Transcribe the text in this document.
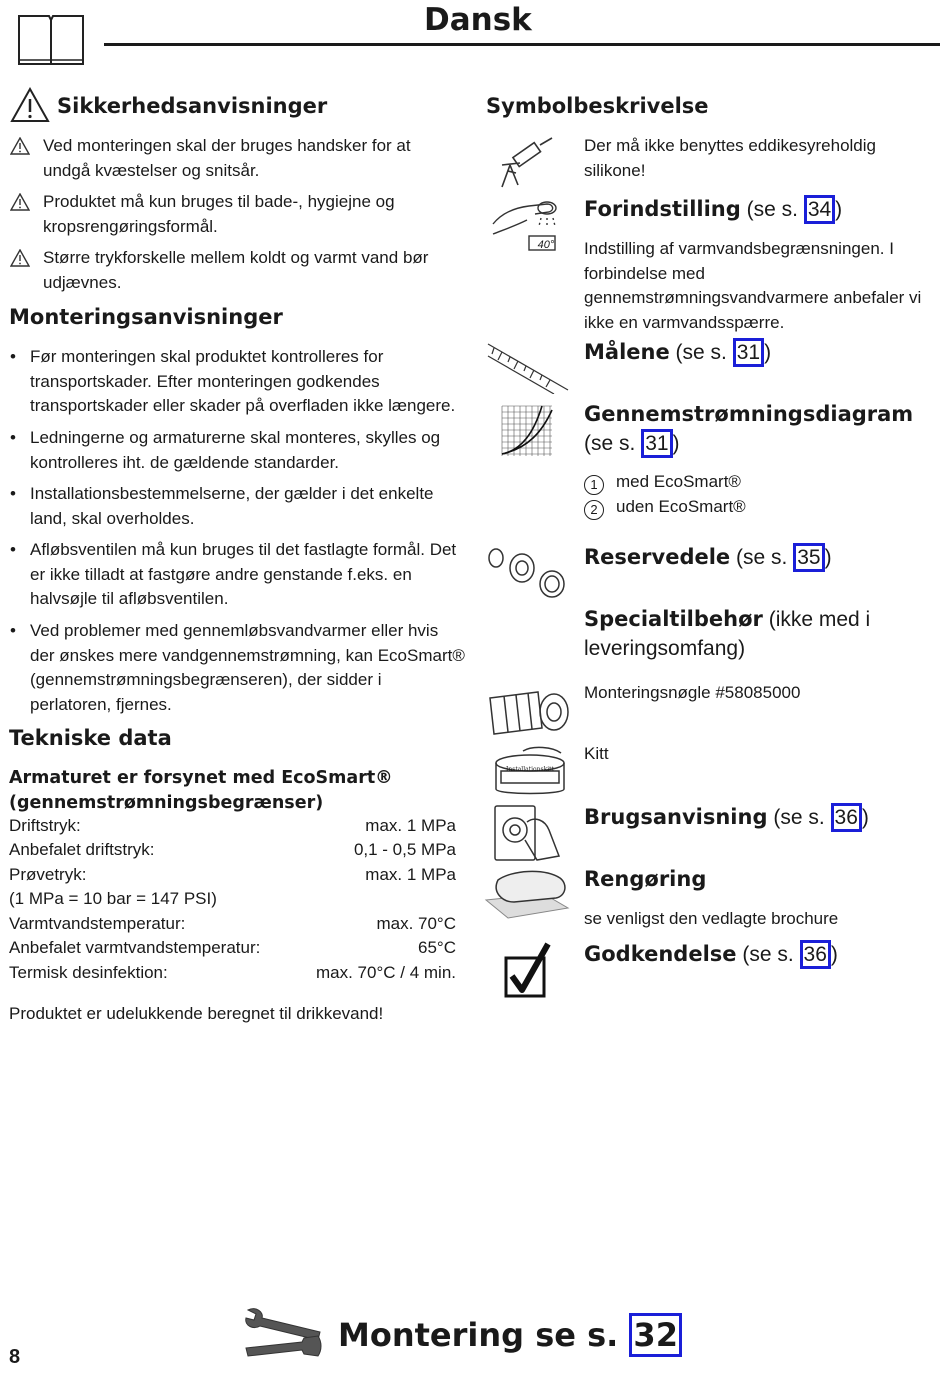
Dansk
Sikkerhedsanvisninger
Ved monteringen skal der bruges handsker for at undgå kvæstelser og snitsår.
Produktet må kun bruges til bade-, hygiejne og kropsrengøringsformål.
Større trykforskelle mellem koldt og varmt vand bør udjævnes.
Monteringsanvisninger
• Før monteringen skal produktet kontrolleres for transportskader. Efter monteringen godkendes transportskader eller skader på overfladen ikke længere.
• Ledningerne og armaturerne skal monteres, skylles og kontrolleres iht. de gældende standarder.
• Installationsbestemmelserne, der gælder i det enkelte land, skal overholdes.
• Afløbsventilen må kun bruges til det fastlagte formål. Det er ikke tilladt at fastgøre andre genstande f.eks. en halvsøjle til afløbsventilen.
• Ved problemer med gennemløbsvandvarmer eller hvis der ønskes mere vandgennemstrømning, kan EcoSmart® (gennemstrømningsbegrænseren), der sidder i perlatoren, fjernes.
Tekniske data
Armaturet er forsynet med EcoSmart® (gennemstrømningsbegrænser)
Driftstryk:	max. 1 MPa
Anbefalet driftstryk:	0,1 - 0,5 MPa
Prøvetryk:	max. 1 MPa
(1 MPa = 10 bar = 147 PSI)
Varmtvandstemperatur:	max. 70°C
Anbefalet varmtvandstemperatur:	65°C
Termisk desinfektion:	max. 70°C / 4 min.
Produktet er udelukkende beregnet til drikkevand!
Symbolbeskrivelse
Der må ikke benyttes eddikesyreholdig silikone!
40°
Forindstilling (se s. 34 )
Indstilling af varmvandsbegrænsningen. I forbindelse med gennemstrømningsvandvarmere anbefaler vi ikke en varmvandsspærre.
Målene (se s. 31 )
Gennemstrømningsdiagram
(se s. 31 )
1 med EcoSmart®
2 uden EcoSmart®
Reservedele (se s. 35 )
Specialtilbehør (ikke med i leveringsomfang)
Monteringsnøgle #58085000
Installationskitt
Kitt
Brugsanvisning (se s. 36 )
Rengøring
se venligst den vedlagte brochure
Godkendelse (se s. 36 )
Montering se s. 32
8
